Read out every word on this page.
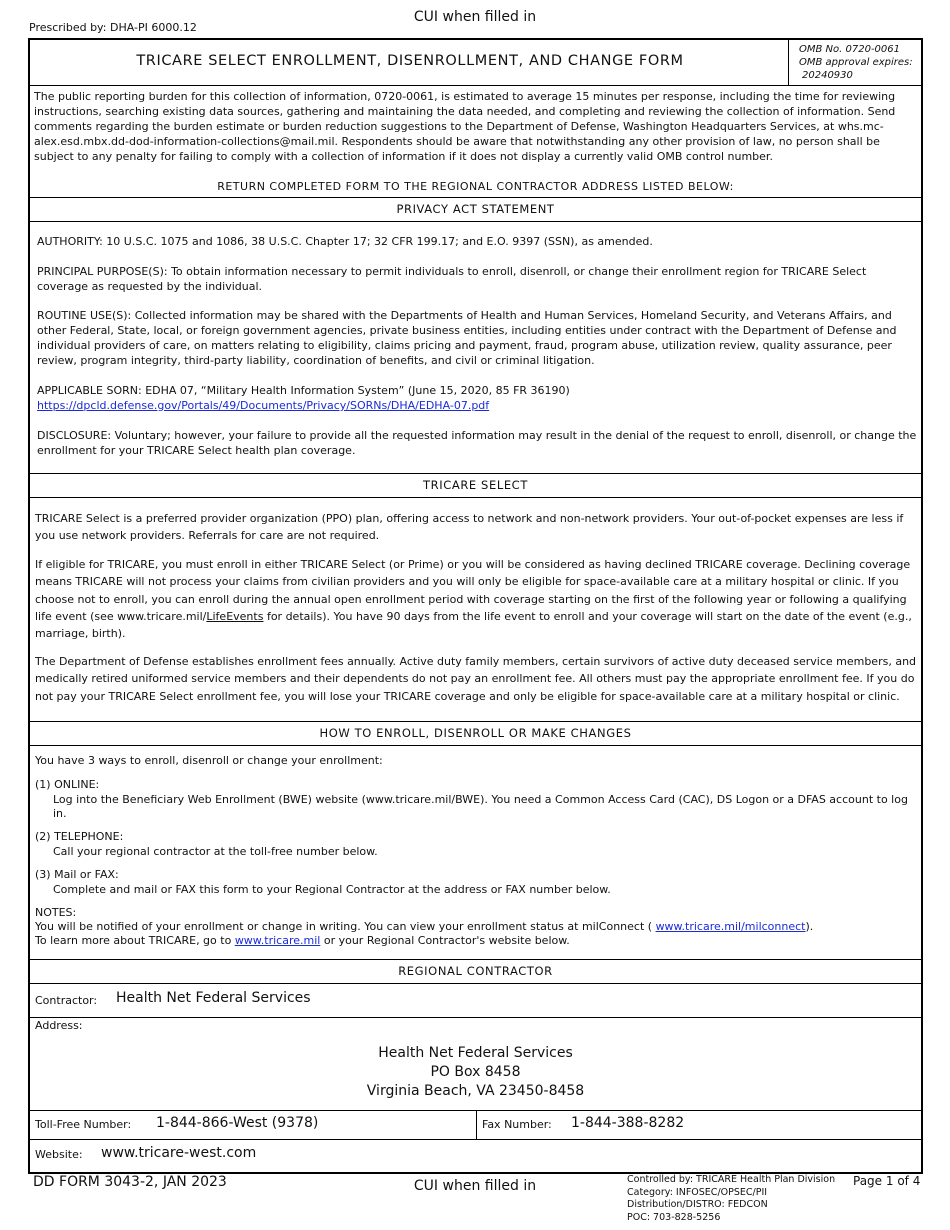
CUI when filled in
Prescribed by: DHA-PI 6000.12
TRICARE SELECT ENROLLMENT, DISENROLLMENT, AND CHANGE FORM
OMB No. 0720-0061
OMB approval expires:
20240930
The public reporting burden for this collection of information, 0720-0061, is estimated to average 15 minutes per response, including the time for reviewing instructions, searching existing data sources, gathering and maintaining the data needed, and completing and reviewing the collection of information. Send comments regarding the burden estimate or burden reduction suggestions to the Department of Defense, Washington Headquarters Services, at whs.mc-alex.esd.mbx.dd-dod-information-collections@mail.mil. Respondents should be aware that notwithstanding any other provision of law, no person shall be subject to any penalty for failing to comply with a collection of information if it does not display a currently valid OMB control number.
RETURN COMPLETED FORM TO THE REGIONAL CONTRACTOR ADDRESS LISTED BELOW:
PRIVACY ACT STATEMENT
AUTHORITY: 10 U.S.C. 1075 and 1086, 38 U.S.C. Chapter 17; 32 CFR 199.17; and E.O. 9397 (SSN), as amended.
PRINCIPAL PURPOSE(S): To obtain information necessary to permit individuals to enroll, disenroll, or change their enrollment region for TRICARE Select coverage as requested by the individual.
ROUTINE USE(S): Collected information may be shared with the Departments of Health and Human Services, Homeland Security, and Veterans Affairs, and other Federal, State, local, or foreign government agencies, private business entities, including entities under contract with the Department of Defense and individual providers of care, on matters relating to eligibility, claims pricing and payment, fraud, program abuse, utilization review, quality assurance, peer review, program integrity, third-party liability, coordination of benefits, and civil or criminal litigation.
APPLICABLE SORN: EDHA 07, “Military Health Information System” (June 15, 2020, 85 FR 36190) https://dpcld.defense.gov/Portals/49/Documents/Privacy/SORNs/DHA/EDHA-07.pdf
DISCLOSURE: Voluntary; however, your failure to provide all the requested information may result in the denial of the request to enroll, disenroll, or change the enrollment for your TRICARE Select health plan coverage.
TRICARE SELECT
TRICARE Select is a preferred provider organization (PPO) plan, offering access to network and non-network providers. Your out-of-pocket expenses are less if you use network providers. Referrals for care are not required.
If eligible for TRICARE, you must enroll in either TRICARE Select (or Prime) or you will be considered as having declined TRICARE coverage. Declining coverage means TRICARE will not process your claims from civilian providers and you will only be eligible for space-available care at a military hospital or clinic. If you choose not to enroll, you can enroll during the annual open enrollment period with coverage starting on the first of the following year or following a qualifying life event (see www.tricare.mil/LifeEvents for details). You have 90 days from the life event to enroll and your coverage will start on the date of the event (e.g., marriage, birth).
The Department of Defense establishes enrollment fees annually. Active duty family members, certain survivors of active duty deceased service members, and medically retired uniformed service members and their dependents do not pay an enrollment fee. All others must pay the appropriate enrollment fee. If you do not pay your TRICARE Select enrollment fee, you will lose your TRICARE coverage and only be eligible for space-available care at a military hospital or clinic.
HOW TO ENROLL, DISENROLL OR MAKE CHANGES
You have 3 ways to enroll, disenroll or change your enrollment:
(1) ONLINE:
Log into the Beneficiary Web Enrollment (BWE) website (www.tricare.mil/BWE). You need a Common Access Card (CAC), DS Logon or a DFAS account to log in.
(2) TELEPHONE:
Call your regional contractor at the toll-free number below.
(3) Mail or FAX:
Complete and mail or FAX this form to your Regional Contractor at the address or FAX number below.
NOTES:
You will be notified of your enrollment or change in writing. You can view your enrollment status at milConnect ( www.tricare.mil/milconnect).
To learn more about TRICARE, go to www.tricare.mil or your Regional Contractor's website below.
REGIONAL CONTRACTOR
Contractor: Health Net Federal Services
Address:
Health Net Federal Services
PO Box 8458
Virginia Beach, VA 23450-8458
Toll-Free Number: 1-844-866-West (9378)	Fax Number: 1-844-388-8282
Website: www.tricare-west.com
DD FORM 3043-2, JAN 2023	CUI when filled in	Controlled by: TRICARE Health Plan Division
Category: INFOSEC/OPSEC/PII
Distribution/DISTRO: FEDCON
POC: 703-828-5256
Page 1 of 4
